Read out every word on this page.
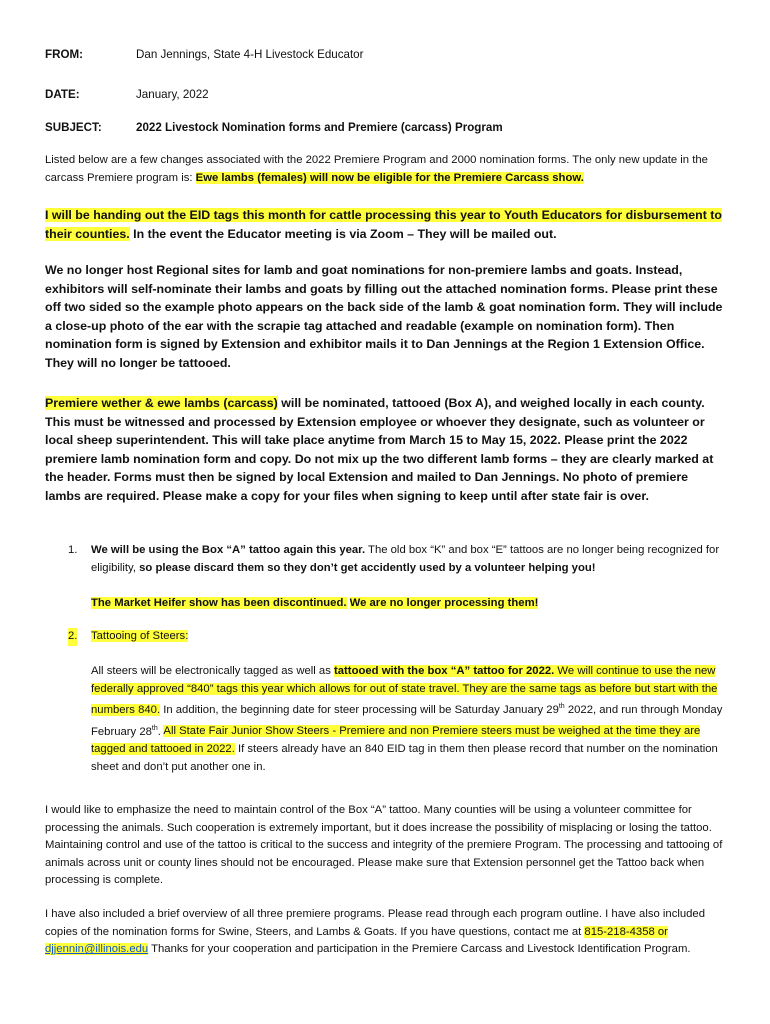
FROM:	Dan Jennings, State 4-H Livestock Educator
DATE:	January, 2022
SUBJECT:	2022 Livestock Nomination forms and Premiere (carcass) Program
Listed below are a few changes associated with the 2022 Premiere Program and 2000 nomination forms. The only new update in the carcass Premiere program is: Ewe lambs (females) will now be eligible for the Premiere Carcass show.
I will be handing out the EID tags this month for cattle processing this year to Youth Educators for disbursement to their counties. In the event the Educator meeting is via Zoom – They will be mailed out.
We no longer host Regional sites for lamb and goat nominations for non-premiere lambs and goats. Instead, exhibitors will self-nominate their lambs and goats by filling out the attached nomination forms. Please print these off two sided so the example photo appears on the back side of the lamb & goat nomination form. They will include a close-up photo of the ear with the scrapie tag attached and readable (example on nomination form). Then nomination form is signed by Extension and exhibitor mails it to Dan Jennings at the Region 1 Extension Office. They will no longer be tattooed.
Premiere wether & ewe lambs (carcass) will be nominated, tattooed (Box A), and weighed locally in each county. This must be witnessed and processed by Extension employee or whoever they designate, such as volunteer or local sheep superintendent. This will take place anytime from March 15 to May 15, 2022. Please print the 2022 premiere lamb nomination form and copy. Do not mix up the two different lamb forms – they are clearly marked at the header. Forms must then be signed by local Extension and mailed to Dan Jennings. No photo of premiere lambs are required. Please make a copy for your files when signing to keep until after state fair is over.
1. We will be using the Box “A” tattoo again this year. The old box “K” and box “E” tattoos are no longer being recognized for eligibility, so please discard them so they don’t get accidently used by a volunteer helping you!
The Market Heifer show has been discontinued. We are no longer processing them!
2. Tattooing of Steers:
All steers will be electronically tagged as well as tattooed with the box “A” tattoo for 2022. We will continue to use the new federally approved “840” tags this year which allows for out of state travel. They are the same tags as before but start with the numbers 840. In addition, the beginning date for steer processing will be Saturday January 29th 2022, and run through Monday February 28th. All State Fair Junior Show Steers - Premiere and non Premiere steers must be weighed at the time they are tagged and tattooed in 2022. If steers already have an 840 EID tag in them then please record that number on the nomination sheet and don’t put another one in.
I would like to emphasize the need to maintain control of the Box “A” tattoo. Many counties will be using a volunteer committee for processing the animals. Such cooperation is extremely important, but it does increase the possibility of misplacing or losing the tattoo. Maintaining control and use of the tattoo is critical to the success and integrity of the premiere Program. The processing and tattooing of animals across unit or county lines should not be encouraged. Please make sure that Extension personnel get the Tattoo back when processing is complete.
I have also included a brief overview of all three premiere programs. Please read through each program outline. I have also included copies of the nomination forms for Swine, Steers, and Lambs & Goats. If you have questions, contact me at 815-218-4358 or djjennin@illinois.edu Thanks for your cooperation and participation in the Premiere Carcass and Livestock Identification Program.
